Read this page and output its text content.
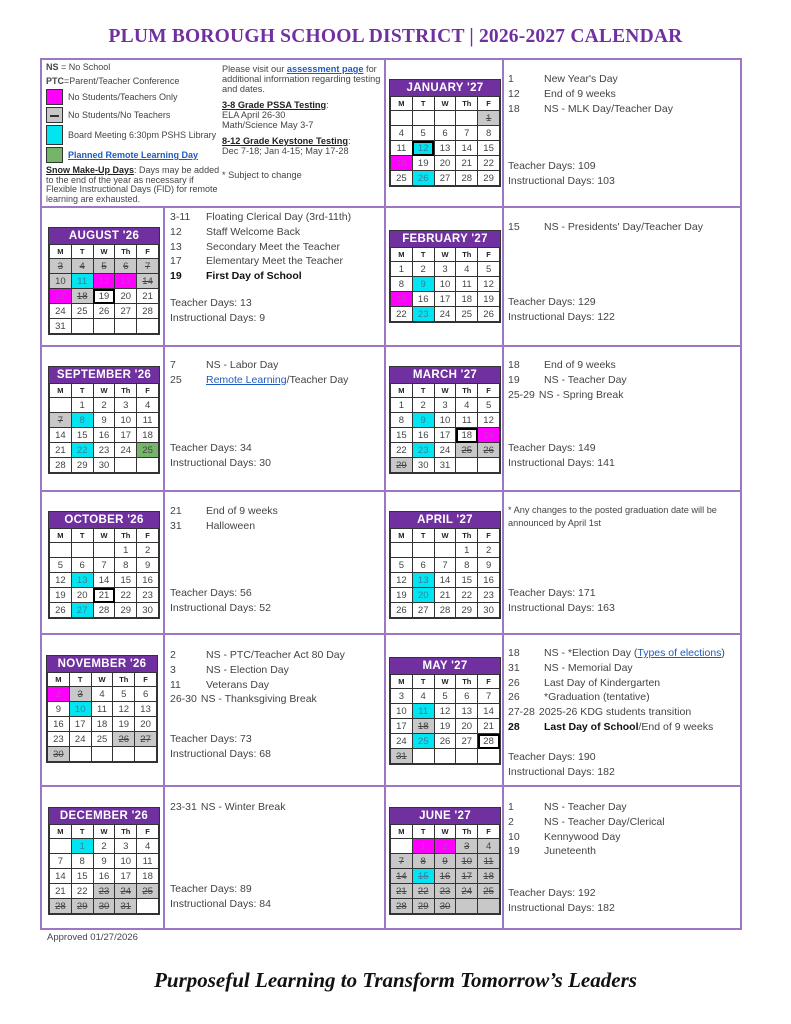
PLUM BOROUGH SCHOOL DISTRICT | 2026-2027 CALENDAR
NS = No School
PTC=Parent/Teacher Conference
No Students/Teachers Only
No Students/No Teachers
Board Meeting 6:30pm PSHS Library
Planned Remote Learning Day
Snow Make-Up Days: Days may be added to the end of the year as necessary if Flexible Instructional Days (FID) for remote learning are exhausted.
Please visit our assessment page for additional information regarding testing and dates.
3-8 Grade PSSA Testing:
ELA April 26-30
Math/Science May 3-7
8-12 Grade Keystone Testing:
Dec 7-18; Jan 4-15; May 17-28
* Subject to change
JANUARY '27
M	T	W	Th	F
				1
4	5	6	7	8
11	12	13	14	15
18	19	20	21	22
25	26	27	28	29
1	New Year's Day
12	End of 9 weeks
18	NS - MLK Day/Teacher Day
Teacher Days: 109
Instructional Days: 103
AUGUST '26
M	T	W	Th	F
3	4	5	6	7
10	11	12	13	14
17	18	19	20	21
24	25	26	27	28
31				
3-11	Floating Clerical Day (3rd-11th)
12	Staff Welcome Back
13	Secondary Meet the Teacher
17	Elementary Meet the Teacher
19	First Day of School
Teacher Days: 13
Instructional Days: 9
FEBRUARY '27
M	T	W	Th	F
1	2	3	4	5
8	9	10	11	12
15	16	17	18	19
22	23	24	25	26
15	NS - Presidents' Day/Teacher Day
Teacher Days: 129
Instructional Days: 122
SEPTEMBER '26
M	T	W	Th	F
	1	2	3	4
7	8	9	10	11
14	15	16	17	18
21	22	23	24	25
28	29	30		
7	NS - Labor Day
25	Remote Learning/Teacher Day
Teacher Days: 34
Instructional Days: 30
MARCH '27
M	T	W	Th	F
1	2	3	4	5
8	9	10	11	12
15	16	17	18	19
22	23	24	25	26
29	30	31		
18	End of 9 weeks
19	NS - Teacher Day
25-29 NS - Spring Break
Teacher Days: 149
Instructional Days: 141
OCTOBER '26
M	T	W	Th	F
			1	2
5	6	7	8	9
12	13	14	15	16
19	20	21	22	23
26	27	28	29	30
21	End of 9 weeks
31	Halloween
Teacher Days: 56
Instructional Days: 52
APRIL '27
M	T	W	Th	F
			1	2
5	6	7	8	9
12	13	14	15	16
19	20	21	22	23
26	27	28	29	30
* Any changes to the posted graduation date will be announced by April 1st
Teacher Days: 171
Instructional Days: 163
NOVEMBER '26
M	T	W	Th	F
2	3	4	5	6
9	10	11	12	13
16	17	18	19	20
23	24	25	26	27
30				
2	NS - PTC/Teacher Act 80 Day
3	NS - Election Day
11	Veterans Day
26-30 NS - Thanksgiving Break
Teacher Days: 73
Instructional Days: 68
MAY '27
M	T	W	Th	F
3	4	5	6	7
10	11	12	13	14
17	18	19	20	21
24	25	26	27	28
31				
18	NS - *Election Day (Types of elections)
31	NS - Memorial Day
26	Last Day of Kindergarten
26	*Graduation (tentative)
27-28 2025-26 KDG students transition
28	Last Day of School/End of 9 weeks
Teacher Days: 190
Instructional Days: 182
DECEMBER '26
M	T	W	Th	F
	1	2	3	4
7	8	9	10	11
14	15	16	17	18
21	22	23	24	25
28	29	30	31	
23-31 NS - Winter Break
Teacher Days: 89
Instructional Days: 84
JUNE '27
M	T	W	Th	F
	1	2	3	4
7	8	9	10	11
14	15	16	17	18
21	22	23	24	25
28	29	30		
1	NS - Teacher Day
2	NS - Teacher Day/Clerical
10	Kennywood Day
19	Juneteenth
Teacher Days: 192
Instructional Days: 182
Approved 01/27/2026
Purposeful Learning to Transform Tomorrow’s Leaders
